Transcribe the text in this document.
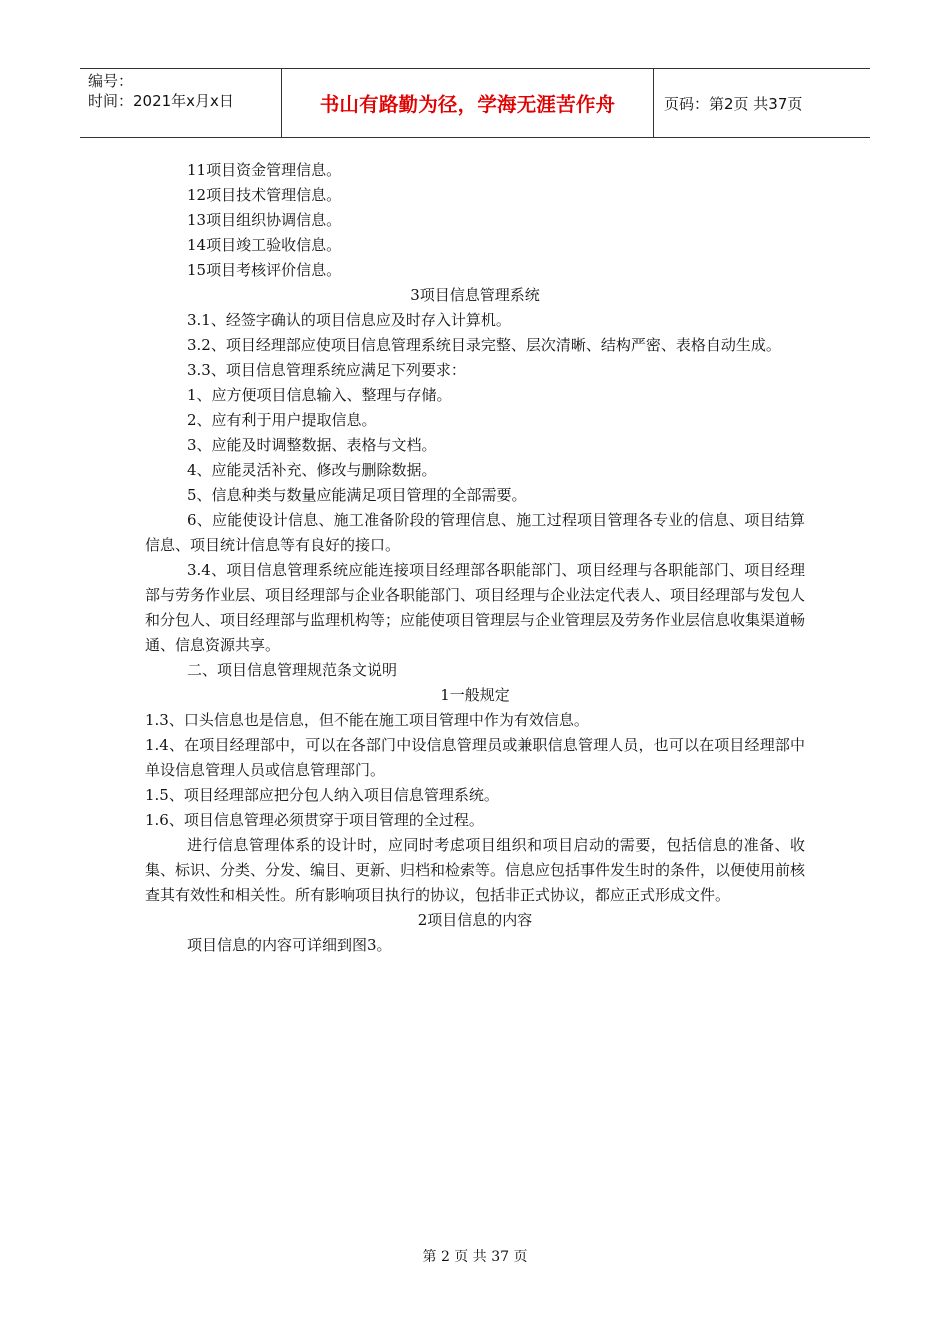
编号：
时间：2021年x月x日	书山有路勤为径，学海无涯苦作舟	页码：第2页 共37页
11项目资金管理信息。
12项目技术管理信息。
13项目组织协调信息。
14项目竣工验收信息。
15项目考核评价信息。
3项目信息管理系统
3.1、经签字确认的项目信息应及时存入计算机。
3.2、项目经理部应使项目信息管理系统目录完整、层次清晰、结构严密、表格自动生成。
3.3、项目信息管理系统应满足下列要求：
1、应方便项目信息输入、整理与存储。
2、应有利于用户提取信息。
3、应能及时调整数据、表格与文档。
4、应能灵活补充、修改与删除数据。
5、信息种类与数量应能满足项目管理的全部需要。
6、应能使设计信息、施工准备阶段的管理信息、施工过程项目管理各专业的信息、项目结算信息、项目统计信息等有良好的接口。
3.4、项目信息管理系统应能连接项目经理部各职能部门、项目经理与各职能部门、项目经理部与劳务作业层、项目经理部与企业各职能部门、项目经理与企业法定代表人、项目经理部与发包人和分包人、项目经理部与监理机构等；应能使项目管理层与企业管理层及劳务作业层信息收集渠道畅通、信息资源共享。
二、项目信息管理规范条文说明
1一般规定
1.3、口头信息也是信息，但不能在施工项目管理中作为有效信息。
1.4、在项目经理部中，可以在各部门中设信息管理员或兼职信息管理人员，也可以在项目经理部中单设信息管理人员或信息管理部门。
1.5、项目经理部应把分包人纳入项目信息管理系统。
1.6、项目信息管理必须贯穿于项目管理的全过程。
进行信息管理体系的设计时，应同时考虑项目组织和项目启动的需要，包括信息的准备、收集、标识、分类、分发、编目、更新、归档和检索等。信息应包括事件发生时的条件，以便使用前核查其有效性和相关性。所有影响项目执行的协议，包括非正式协议，都应正式形成文件。
2项目信息的内容
项目信息的内容可详细到图3。
第 2 页 共 37 页
